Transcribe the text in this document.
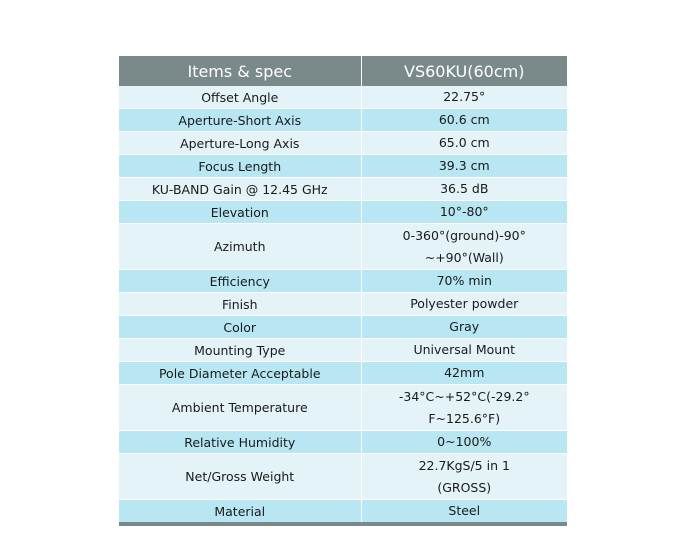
Items & spec	VS60KU(60cm)
Offset Angle	22.75°

Aperture-Short Axis	60.6 cm

Aperture-Long Axis	65.0 cm

Focus Length	39.3 cm

KU-BAND Gain @ 12.45 GHz	36.5 dB

Elevation	10°-80°

Azimuth	0-360°(ground)-90°
~+90°(Wall)

Efficiency	70% min

Finish	Polyester powder

Color	Gray

Mounting Type	Universal Mount

Pole Diameter Acceptable	42mm

Ambient Temperature	-34°C~+52°C(-29.2°
F~125.6°F)

Relative Humidity	0~100%

Net/Gross Weight	22.7KgS/5 in 1
(GROSS)

Material	Steel
